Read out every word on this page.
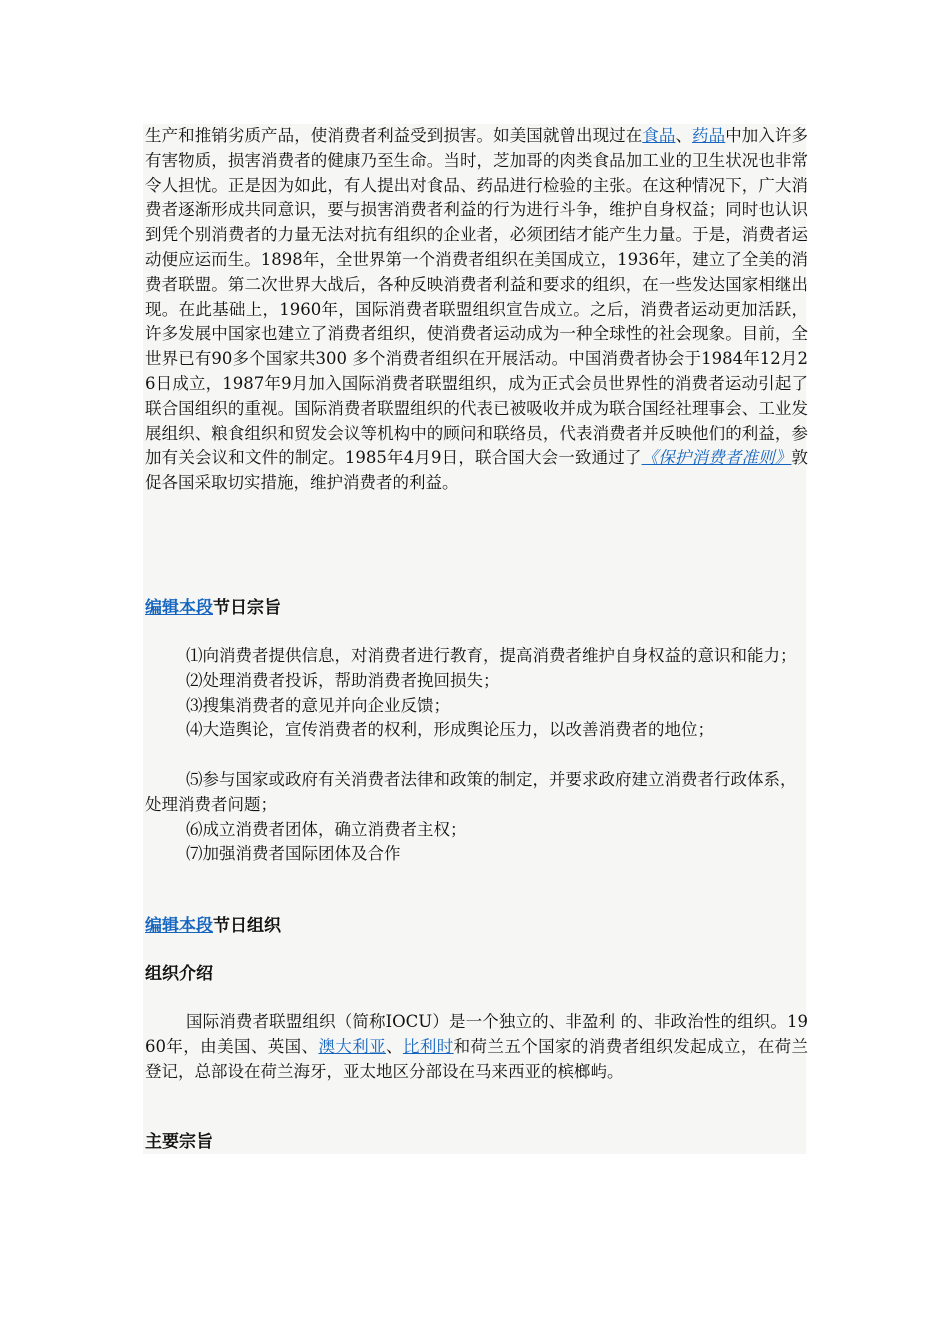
生产和推销劣质产品，使消费者利益受到损害。如美国就曾出现过在食品、药品中加入许多有害物质，损害消费者的健康乃至生命。当时，芝加哥的肉类食品加工业的卫生状况也非常令人担忧。正是因为如此，有人提出对食品、药品进行检验的主张。在这种情况下，广大消费者逐渐形成共同意识，要与损害消费者利益的行为进行斗争，维护自身权益；同时也认识到凭个别消费者的力量无法对抗有组织的企业者，必须团结才能产生力量。于是，消费者运动便应运而生。1898年，全世界第一个消费者组织在美国成立，1936年，建立了全美的消费者联盟。第二次世界大战后，各种反映消费者利益和要求的组织，在一些发达国家相继出现。在此基础上，1960年，国际消费者联盟组织宣告成立。之后，消费者运动更加活跃，许多发展中国家也建立了消费者组织，使消费者运动成为一种全球性的社会现象。目前，全世界已有90多个国家共300 多个消费者组织在开展活动。中国消费者协会于1984年12月26日成立，1987年9月加入国际消费者联盟组织，成为正式会员世界性的消费者运动引起了联合国组织的重视。国际消费者联盟组织的代表已被吸收并成为联合国经社理事会、工业发展组织、粮食组织和贸发会议等机构中的顾问和联络员，代表消费者并反映他们的利益，参加有关会议和文件的制定。1985年4月9日，联合国大会一致通过了《保护消费者准则》敦促各国采取切实措施，维护消费者的利益。

编辑本段节日宗旨
⑴向消费者提供信息，对消费者进行教育，提高消费者维护自身权益的意识和能力；
⑵处理消费者投诉，帮助消费者挽回损失；
⑶搜集消费者的意见并向企业反馈；
⑷大造舆论，宣传消费者的权利，形成舆论压力，以改善消费者的地位；
⑸参与国家或政府有关消费者法律和政策的制定，并要求政府建立消费者行政体系，处理消费者问题；
⑹成立消费者团体，确立消费者主权；
⑺加强消费者国际团体及合作
编辑本段节日组织
组织介绍

国际消费者联盟组织（简称IOCU）是一个独立的、非盈利 的、非政治性的组织。1960年，由美国、英国、澳大利亚、比利时和荷兰五个国家的消费者组织发起成立，在荷兰登记，总部设在荷兰海牙，亚太地区分部设在马来西亚的槟榔屿。

主要宗旨
